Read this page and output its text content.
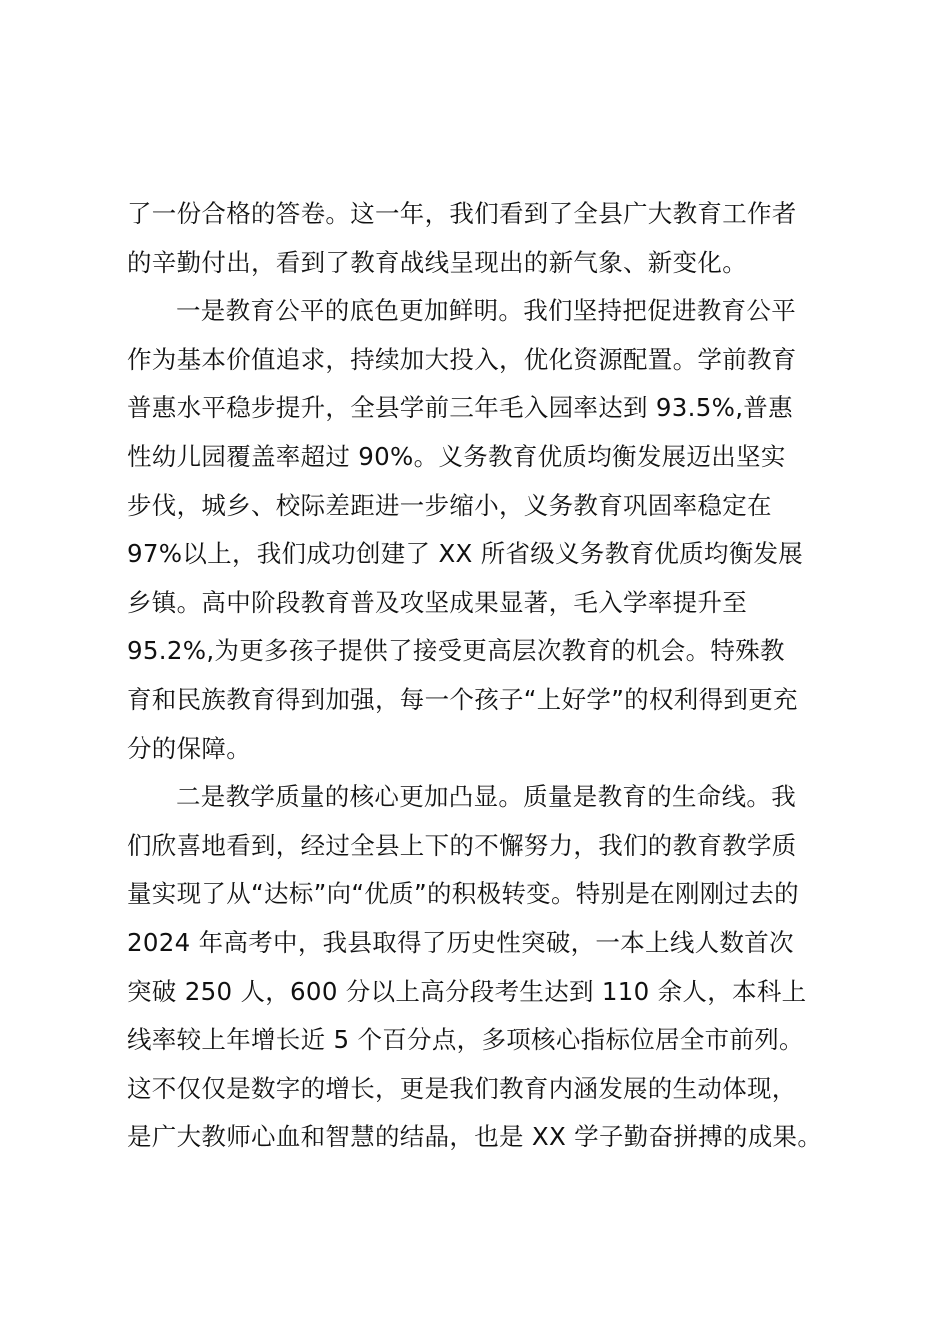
了一份合格的答卷。这一年，我们看到了全县广大教育工作者
的辛勤付出，看到了教育战线呈现出的新气象、新变化。
一是教育公平的底色更加鲜明。我们坚持把促进教育公平
作为基本价值追求，持续加大投入，优化资源配置。学前教育
普惠水平稳步提升，全县学前三年毛入园率达到 93.5%,普惠
性幼儿园覆盖率超过 90%。义务教育优质均衡发展迈出坚实
步伐，城乡、校际差距进一步缩小，义务教育巩固率稳定在
97%以上，我们成功创建了 XX 所省级义务教育优质均衡发展
乡镇。高中阶段教育普及攻坚成果显著，毛入学率提升至
95.2%,为更多孩子提供了接受更高层次教育的机会。特殊教
育和民族教育得到加强，每一个孩子“上好学”的权利得到更充
分的保障。
二是教学质量的核心更加凸显。质量是教育的生命线。我
们欣喜地看到，经过全县上下的不懈努力，我们的教育教学质
量实现了从“达标”向“优质”的积极转变。特别是在刚刚过去的
2024 年高考中，我县取得了历史性突破，一本上线人数首次
突破 250 人，600 分以上高分段考生达到 110 余人，本科上
线率较上年增长近 5 个百分点，多项核心指标位居全市前列。
这不仅仅是数字的增长，更是我们教育内涵发展的生动体现，
是广大教师心血和智慧的结晶，也是 XX 学子勤奋拼搏的成果。
